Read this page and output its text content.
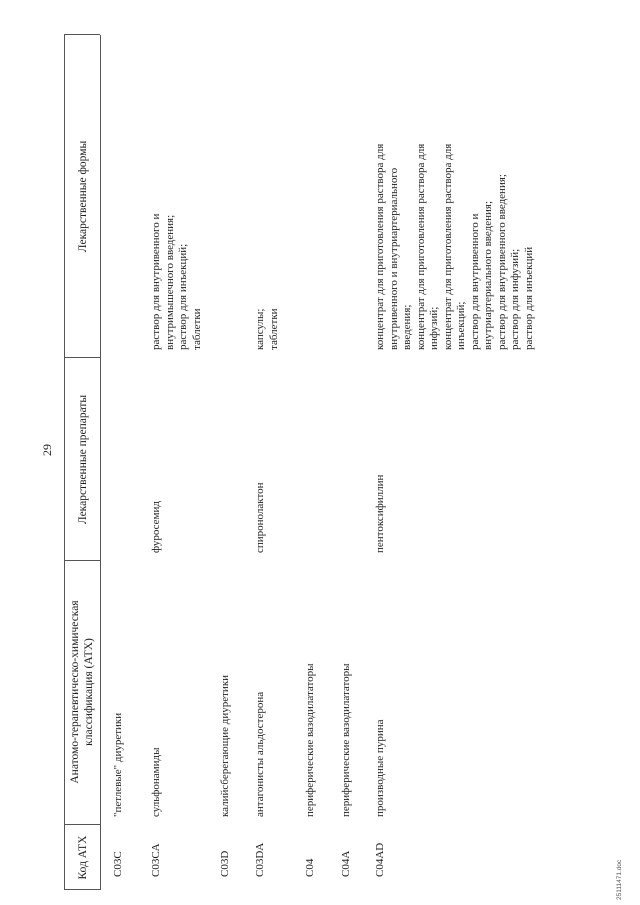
29
Код АТХ
Анатомо-терапевтическо-химическая классификация (АТХ)
Лекарственные препараты
Лекарственные формы
C03C
"петлевые" диуретики
C03CA
сульфонамиды
фуросемид
раствор для внутривенного и
внутримышечного введения;
раствор для инъекций;
таблетки
C03D
калийсберегающие диуретики
C03DA
антагонисты альдостерона
спиронолактон
капсулы;
таблетки
C04
периферические вазодилататоры
C04A
периферические вазодилататоры
C04AD
производные пурина
пентоксифиллин
концентрат для приготовления раствора для
внутривенного и внутриартериального
введения;
концентрат для приготовления раствора для
инфузий;
концентрат для приготовления раствора для
инъекций;
раствор для внутривенного и
внутриартериального введения;
раствор для внутривенного введения;
раствор для инфузий;
раствор для инъекций
25111471.doc
